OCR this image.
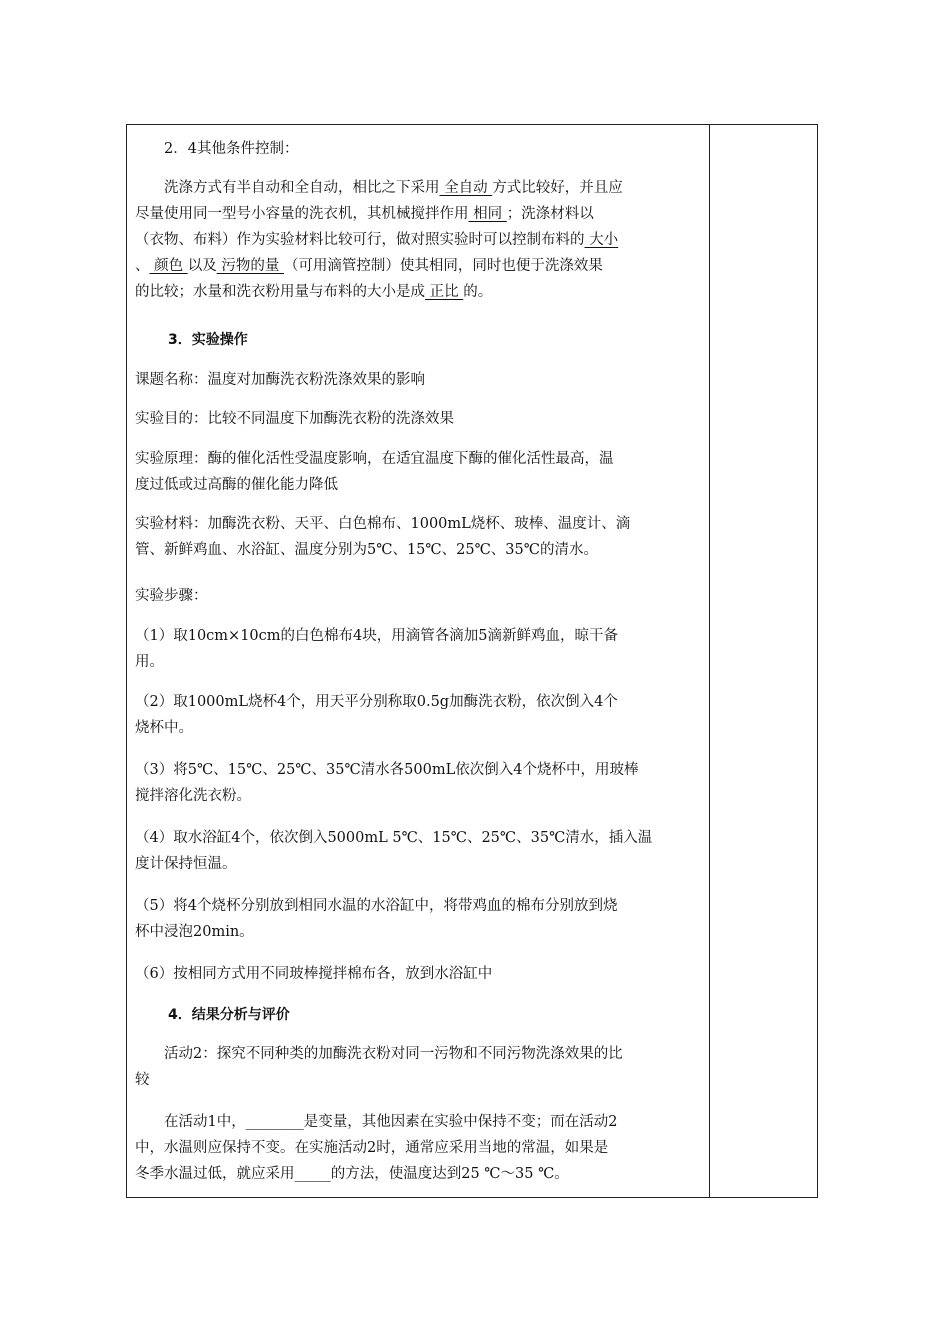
2．4其他条件控制：

洗涤方式有半自动和全自动，相比之下采用 全自动 方式比较好，并且应
尽量使用同一型号小容量的洗衣机，其机械搅拌作用 相同 ；洗涤材料以
（衣物、布料）作为实验材料比较可行，做对照实验时可以控制布料的 大小
、 颜色 以及 污物的量 （可用滴管控制）使其相同，同时也便于洗涤效果
的比较；水量和洗衣粉用量与布料的大小是成 正比 的。

3．实验操作

课题名称：温度对加酶洗衣粉洗涤效果的影响

实验目的：比较不同温度下加酶洗衣粉的洗涤效果

实验原理：酶的催化活性受温度影响，在适宜温度下酶的催化活性最高，温
度过低或过高酶的催化能力降低
实验材料：加酶洗衣粉、天平、白色棉布、1000mL烧杯、玻棒、温度计、滴
管、新鲜鸡血、水浴缸、温度分别为5℃、15℃、25℃、35℃的清水。

实验步骤：

（1）取10cm×10cm的白色棉布4块，用滴管各滴加5滴新鲜鸡血，晾干备
用。
（2）取1000mL烧杯4个，用天平分别称取0.5g加酶洗衣粉，依次倒入4个
烧杯中。
（3）将5℃、15℃、25℃、35℃清水各500mL依次倒入4个烧杯中，用玻棒
搅拌溶化洗衣粉。
（4）取水浴缸4个，依次倒入5000mL 5℃、15℃、25℃、35℃清水，插入温
度计保持恒温。
（5）将4个烧杯分别放到相同水温的水浴缸中，将带鸡血的棉布分别放到烧
杯中浸泡20min。

（6）按相同方式用不同玻棒搅拌棉布各，放到水浴缸中

4．结果分析与评价

活动2：探究不同种类的加酶洗衣粉对同一污物和不同污物洗涤效果的比
较
在活动1中，________是变量，其他因素在实验中保持不变；而在活动2
中，水温则应保持不变。在实施活动2时，通常应采用当地的常温，如果是
冬季水温过低，就应采用_____的方法，使温度达到25 ℃～35 ℃。
